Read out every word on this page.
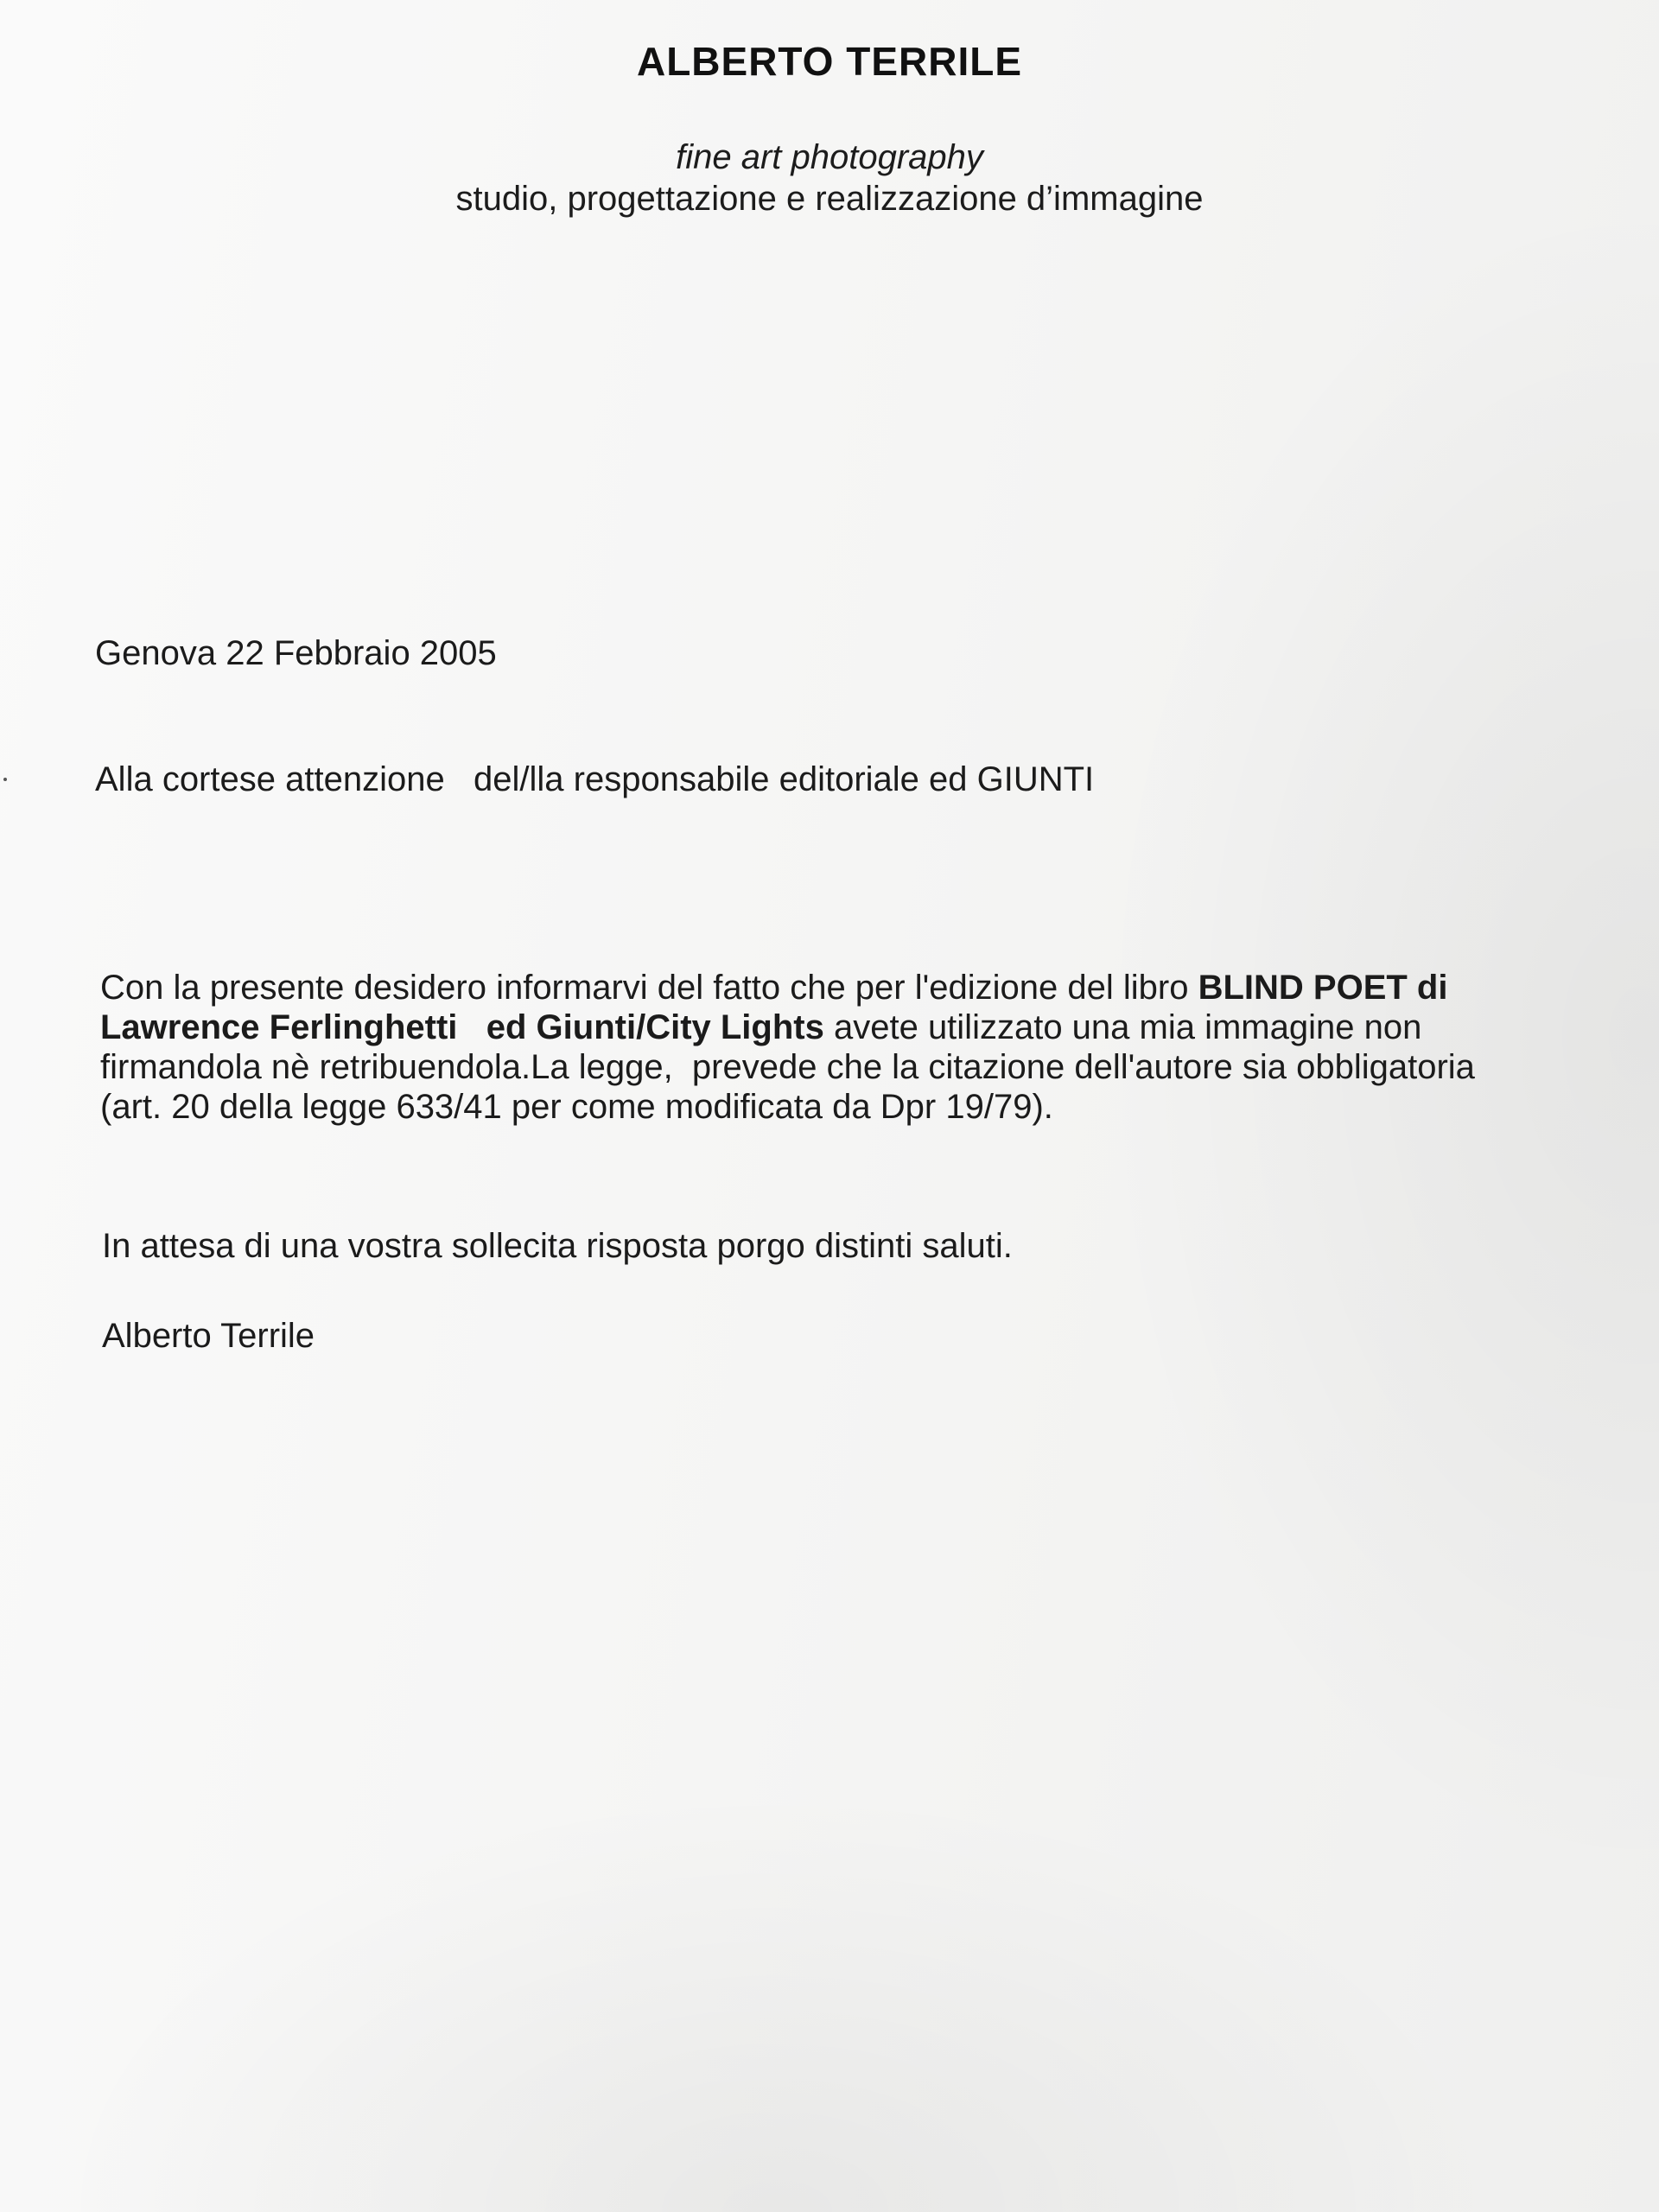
ALBERTO TERRILE
fine art photography
studio, progettazione e realizzazione d’immagine
Genova 22 Febbraio 2005
Alla cortese attenzione   del/lla responsabile editoriale ed GIUNTI
Con la presente desidero informarvi del fatto che per l'edizione del libro BLIND POET di
Lawrence Ferlinghetti   ed Giunti/City Lights avete utilizzato una mia immagine non
firmandola nè retribuendola.La legge,  prevede che la citazione dell'autore sia obbligatoria
(art. 20 della legge 633/41 per come modificata da Dpr 19/79).
In attesa di una vostra sollecita risposta porgo distinti saluti.
Alberto Terrile
